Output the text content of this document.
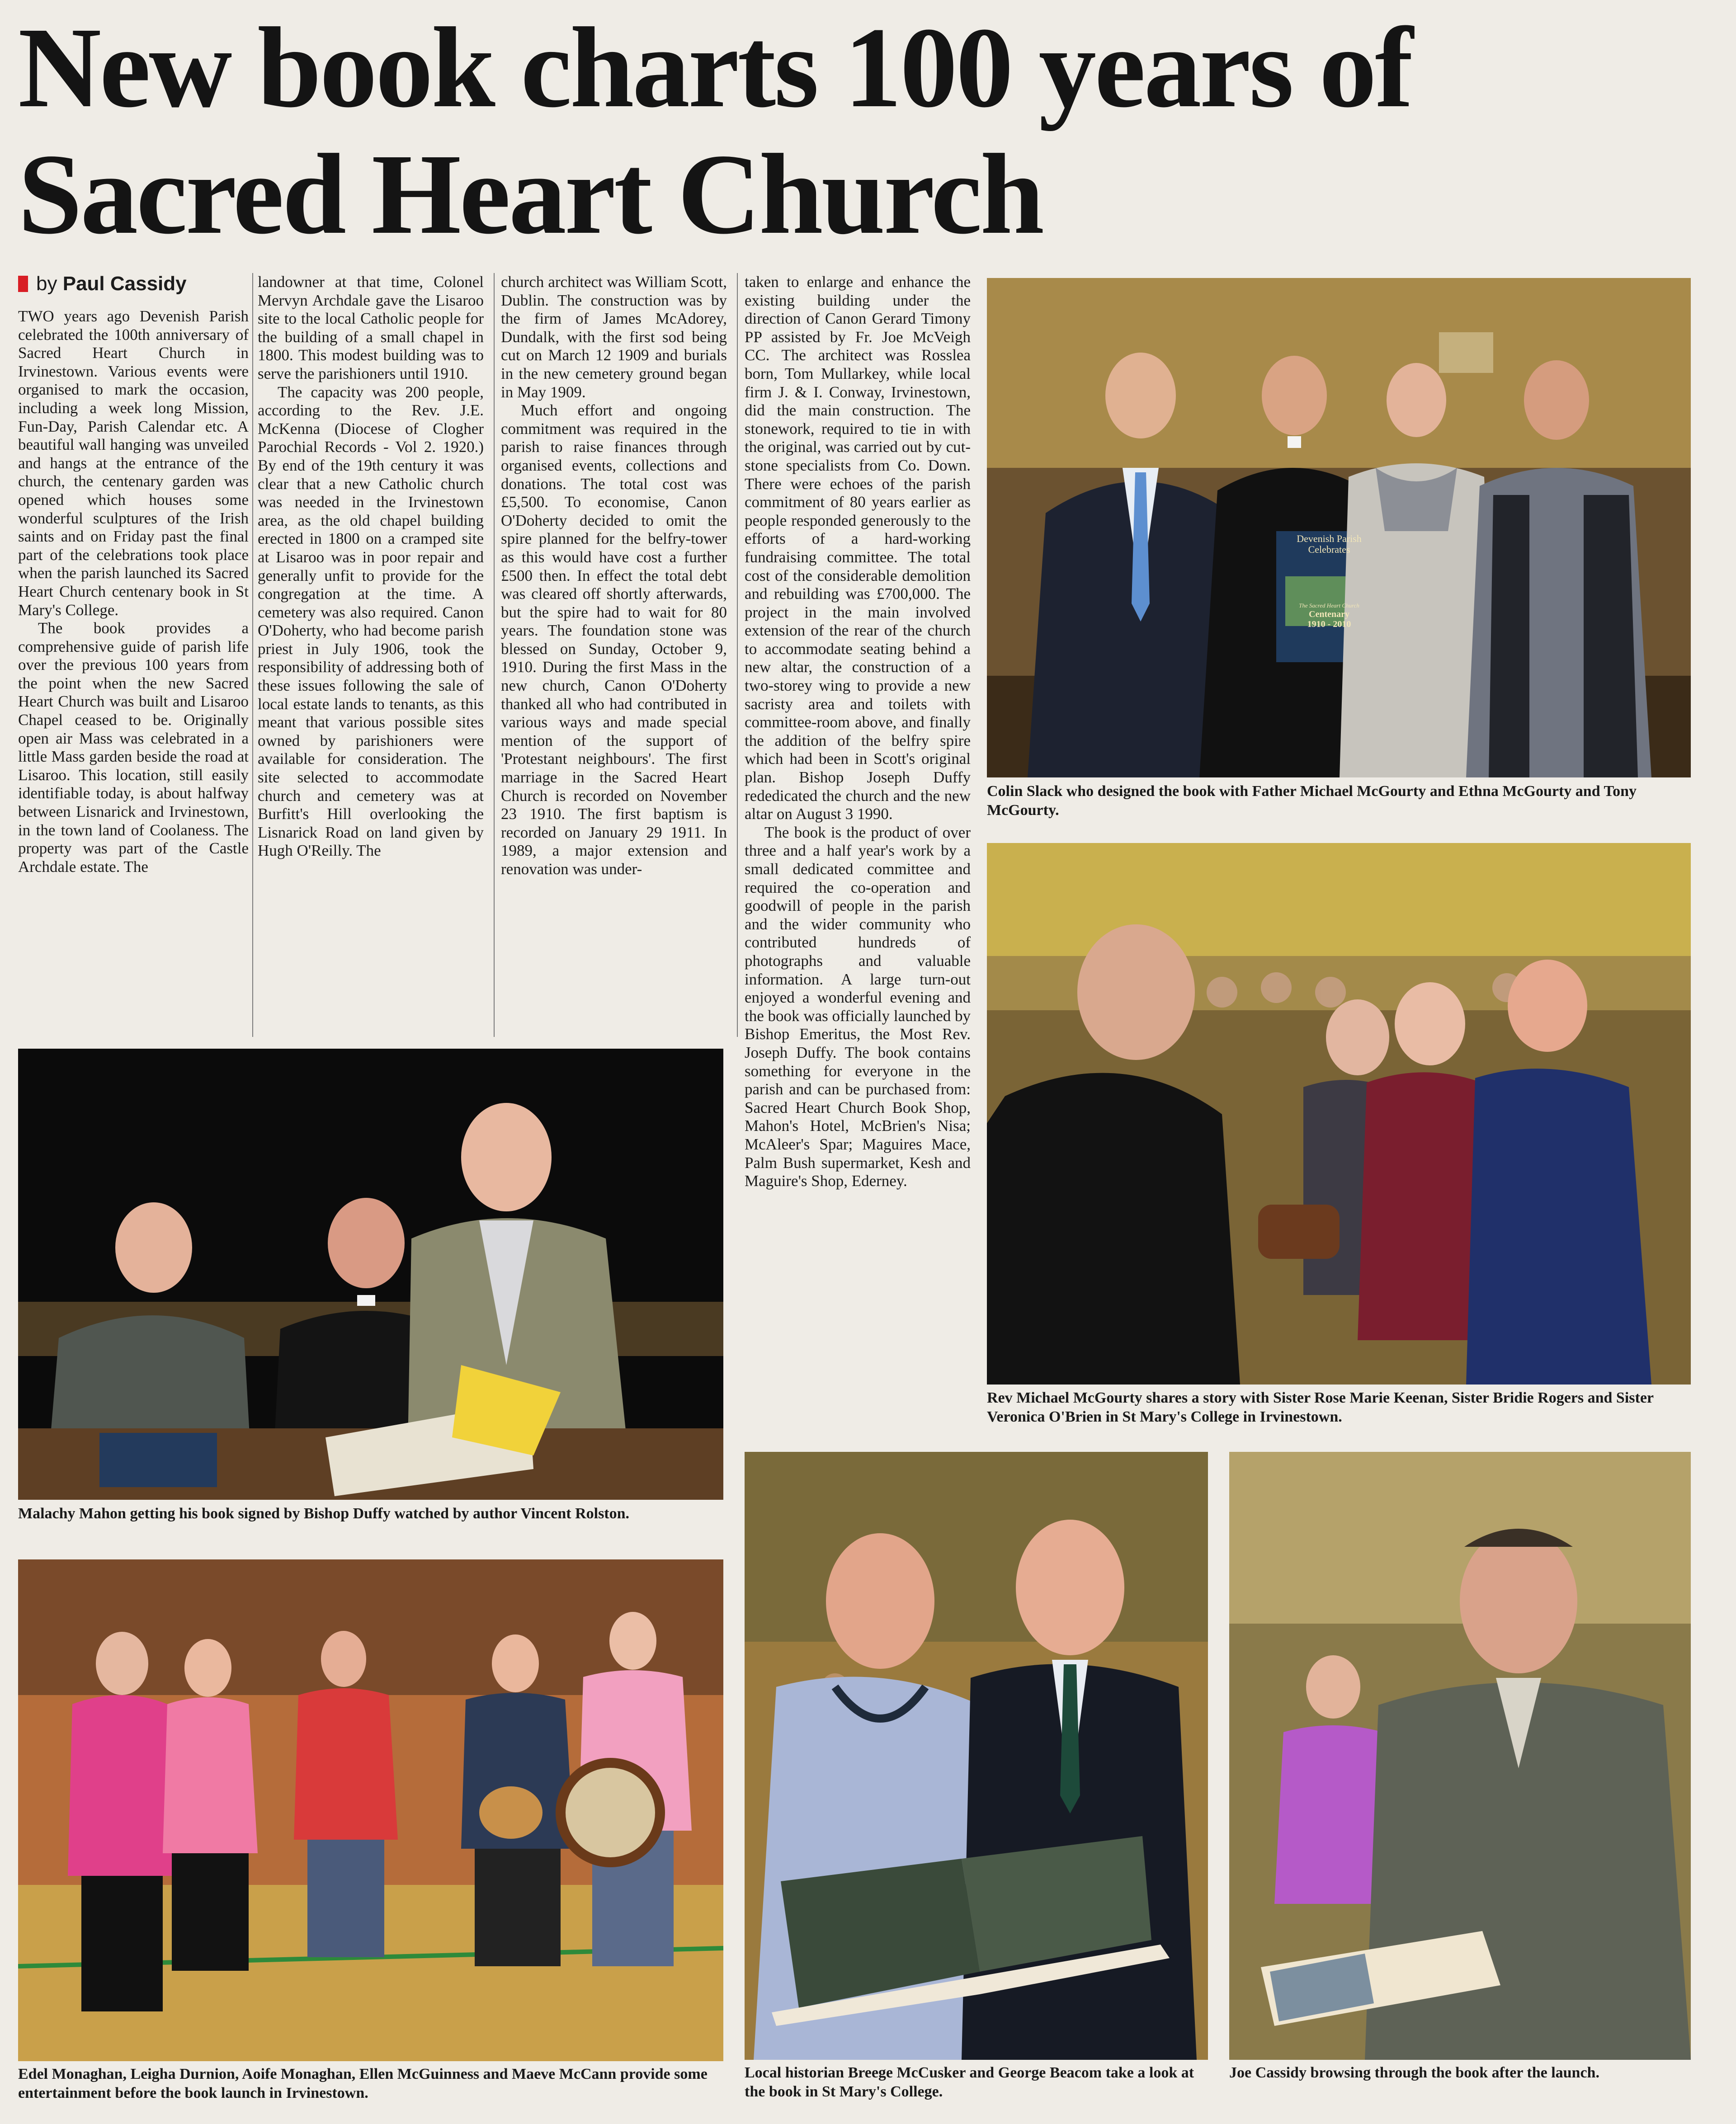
New book charts 100 years of Sacred Heart Church
by Paul Cassidy

TWO years ago Devenish Parish celebrated the 100th anniversary of Sacred Heart Church in Irvinestown. Various events were organised to mark the occasion, including a week long Mission, Fun-Day, Parish Calendar etc. A beautiful wall hanging was unveiled and hangs at the entrance of the church, the centenary garden was opened which houses some wonderful sculptures of the Irish saints and on Friday past the final part of the celebrations took place when the parish launched its Sacred Heart Church centenary book in St Mary's College.

The book provides a comprehensive guide of parish life over the previous 100 years from the point when the new Sacred Heart Church was built and Lisaroo Chapel ceased to be. Originally open air Mass was celebrated in a little Mass garden beside the road at Lisaroo. This location, still easily identifiable today, is about halfway between Lisnarick and Irvinestown, in the town land of Coolaness. The property was part of the Castle Archdale estate. The

landowner at that time, Colonel Mervyn Archdale gave the Lisaroo site to the local Catholic people for the building of a small chapel in 1800. This modest building was to serve the parishioners until 1910.

The capacity was 200 people, according to the Rev. J.E. McKenna (Diocese of Clogher Parochial Records - Vol 2. 1920.) By end of the 19th century it was clear that a new Catholic church was needed in the Irvinestown area, as the old chapel building erected in 1800 on a cramped site at Lisaroo was in poor repair and generally unfit to provide for the congregation at the time. A cemetery was also required. Canon O'Doherty, who had become parish priest in July 1906, took the responsibility of addressing both of these issues following the sale of local estate lands to tenants, as this meant that various possible sites owned by parishioners were available for consideration. The site selected to accommodate church and cemetery was at Burfitt's Hill overlooking the Lisnarick Road on land given by Hugh O'Reilly. The

church architect was William Scott, Dublin. The construction was by the firm of James McAdorey, Dundalk, with the first sod being cut on March 12 1909 and burials in the new cemetery ground began in May 1909.

Much effort and ongoing commitment was required in the parish to raise finances through organised events, collections and donations. The total cost was £5,500. To economise, Canon O'Doherty decided to omit the spire planned for the belfry-tower as this would have cost a further £500 then. In effect the total debt was cleared off shortly afterwards, but the spire had to wait for 80 years. The foundation stone was blessed on Sunday, October 9, 1910. During the first Mass in the new church, Canon O'Doherty thanked all who had contributed in various ways and made special mention of the support of 'Protestant neighbours'. The first marriage in the Sacred Heart Church is recorded on November 23 1910. The first baptism is recorded on January 29 1911. In 1989, a major extension and renovation was under-

taken to enlarge and enhance the existing building under the direction of Canon Gerard Timony PP assisted by Fr. Joe McVeigh CC. The architect was Rosslea born, Tom Mullarkey, while local firm J. & I. Conway, Irvinestown, did the main construction. The stonework, required to tie in with the original, was carried out by cut-stone specialists from Co. Down. There were echoes of the parish commitment of 80 years earlier as people responded generously to the efforts of a hard-working fundraising committee. The total cost of the considerable demolition and rebuilding was £700,000. The project in the main involved extension of the rear of the church to accommodate seating behind a new altar, the construction of a two-storey wing to provide a new sacristy area and toilets with committee-room above, and finally the addition of the belfry spire which had been in Scott's original plan. Bishop Joseph Duffy rededicated the church and the new altar on August 3 1990.

The book is the product of over three and a half year's work by a small dedicated committee and required the co-operation and goodwill of people in the parish and the wider community who contributed hundreds of photographs and valuable information. A large turn-out enjoyed a wonderful evening and the book was officially launched by Bishop Emeritus, the Most Rev. Joseph Duffy. The book contains something for everyone in the parish and can be purchased from: Sacred Heart Church Book Shop, Mahon's Hotel, McBrien's Nisa; McAleer's Spar; Maguires Mace, Palm Bush supermarket, Kesh and Maguire's Shop, Ederney.

Devenish Parish Celebrates
The Sacred Heart Church
Centenary
1910 - 2010
Colin Slack who designed the book with Father Michael McGourty and Ethna McGourty and Tony McGourty.
Rev Michael McGourty shares a story with Sister Rose Marie Keenan, Sister Bridie Rogers and Sister Veronica O'Brien in St Mary's College in Irvinestown.
Malachy Mahon getting his book signed by Bishop Duffy watched by author Vincent Rolston.
Edel Monaghan, Leigha Durnion, Aoife Monaghan, Ellen McGuinness and Maeve McCann provide some entertainment before the book launch in Irvinestown.
Local historian Breege McCusker and George Beacom take a look at the book in St Mary's College.
Joe Cassidy browsing through the book after the launch.
